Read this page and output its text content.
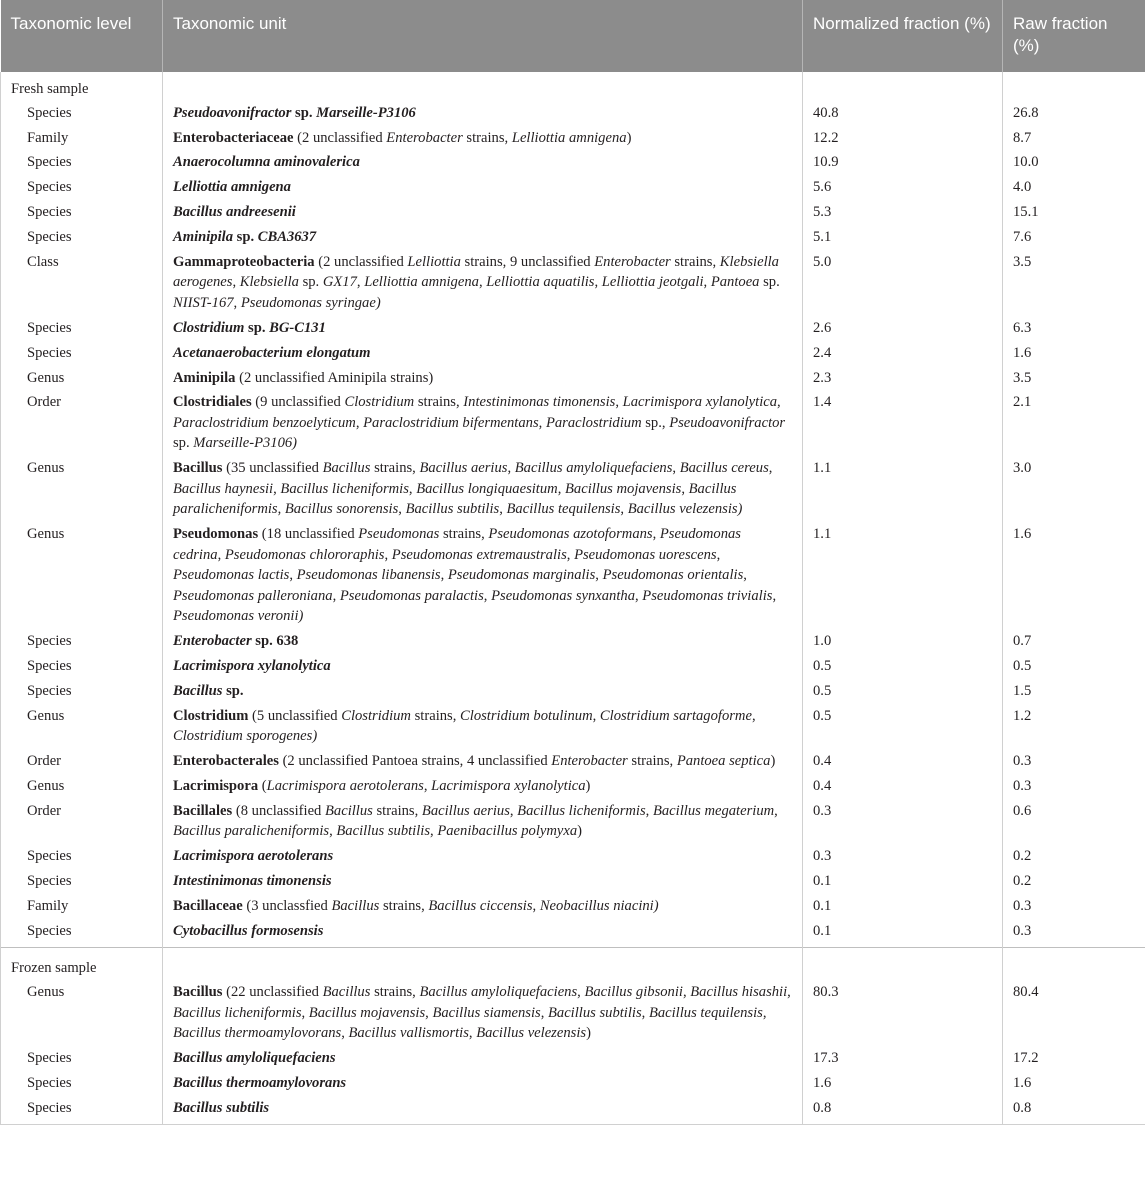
Taxonomic level	Taxonomic unit	Normalized fraction (%)	Raw fraction (%)
Fresh sample			
Species	Pseudoavonifractor sp. Marseille-P3106	40.8	26.8
Family	Enterobacteriaceae (2 unclassified Enterobacter strains, Lelliottia amnigena)	12.2	8.7
Species	Anaerocolumna aminovalerica	10.9	10.0
Species	Lelliottia amnigena	5.6	4.0
Species	Bacillus andreesenii	5.3	15.1
Species	Aminipila sp. CBA3637	5.1	7.6
Class	Gammaproteobacteria (2 unclassified Lelliottia strains, 9 unclassified Enterobacter strains, Klebsiella aerogenes, Klebsiella sp. GX17, Lelliottia amnigena, Lelliottia aquatilis, Lelliottia jeotgali, Pantoea sp. NIIST-167, Pseudomonas syringae)	5.0	3.5
Species	Clostridium sp. BG-C131	2.6	6.3
Species	Acetanaerobacterium elongatum	2.4	1.6
Genus	Aminipila (2 unclassified Aminipila strains)	2.3	3.5
Order	Clostridiales (9 unclassified Clostridium strains, Intestinimonas timonensis, Lacrimispora xylanolytica, Paraclostridium benzoelyticum, Paraclostridium bifermentans, Paraclostridium sp., Pseudoavonifractor sp. Marseille-P3106)	1.4	2.1
Genus	Bacillus (35 unclassified Bacillus strains, Bacillus aerius, Bacillus amyloliquefaciens, Bacillus cereus, Bacillus haynesii, Bacillus licheniformis, Bacillus longiquaesitum, Bacillus mojavensis, Bacillus paralicheniformis, Bacillus sonorensis, Bacillus subtilis, Bacillus tequilensis, Bacillus velezensis)	1.1	3.0
Genus	Pseudomonas (18 unclassified Pseudomonas strains, Pseudomonas azotoformans, Pseudomonas cedrina, Pseudomonas chlororaphis, Pseudomonas extremaustralis, Pseudomonas uorescens, Pseudomonas lactis, Pseudomonas libanensis, Pseudomonas marginalis, Pseudomonas orientalis, Pseudomonas palleroniana, Pseudomonas paralactis, Pseudomonas synxantha, Pseudomonas trivialis, Pseudomonas veronii)	1.1	1.6
Species	Enterobacter sp. 638	1.0	0.7
Species	Lacrimispora xylanolytica	0.5	0.5
Species	Bacillus sp.	0.5	1.5
Genus	Clostridium (5 unclassified Clostridium strains, Clostridium botulinum, Clostridium sartagoforme, Clostridium sporogenes)	0.5	1.2
Order	Enterobacterales (2 unclassified Pantoea strains, 4 unclassified Enterobacter strains, Pantoea septica)	0.4	0.3
Genus	Lacrimispora (Lacrimispora aerotolerans, Lacrimispora xylanolytica)	0.4	0.3
Order	Bacillales (8 unclassified Bacillus strains, Bacillus aerius, Bacillus licheniformis, Bacillus megaterium, Bacillus paralicheniformis, Bacillus subtilis, Paenibacillus polymyxa)	0.3	0.6
Species	Lacrimispora aerotolerans	0.3	0.2
Species	Intestinimonas timonensis	0.1	0.2
Family	Bacillaceae (3 unclassfied Bacillus strains, Bacillus ciccensis, Neobacillus niacini)	0.1	0.3
Species	Cytobacillus formosensis	0.1	0.3
Frozen sample			
Genus	Bacillus (22 unclassified Bacillus strains, Bacillus amyloliquefaciens, Bacillus gibsonii, Bacillus hisashii, Bacillus licheniformis, Bacillus mojavensis, Bacillus siamensis, Bacillus subtilis, Bacillus tequilensis, Bacillus thermoamylovorans, Bacillus vallismortis, Bacillus velezensis)	80.3	80.4
Species	Bacillus amyloliquefaciens	17.3	17.2
Species	Bacillus thermoamylovorans	1.6	1.6
Species	Bacillus subtilis	0.8	0.8
